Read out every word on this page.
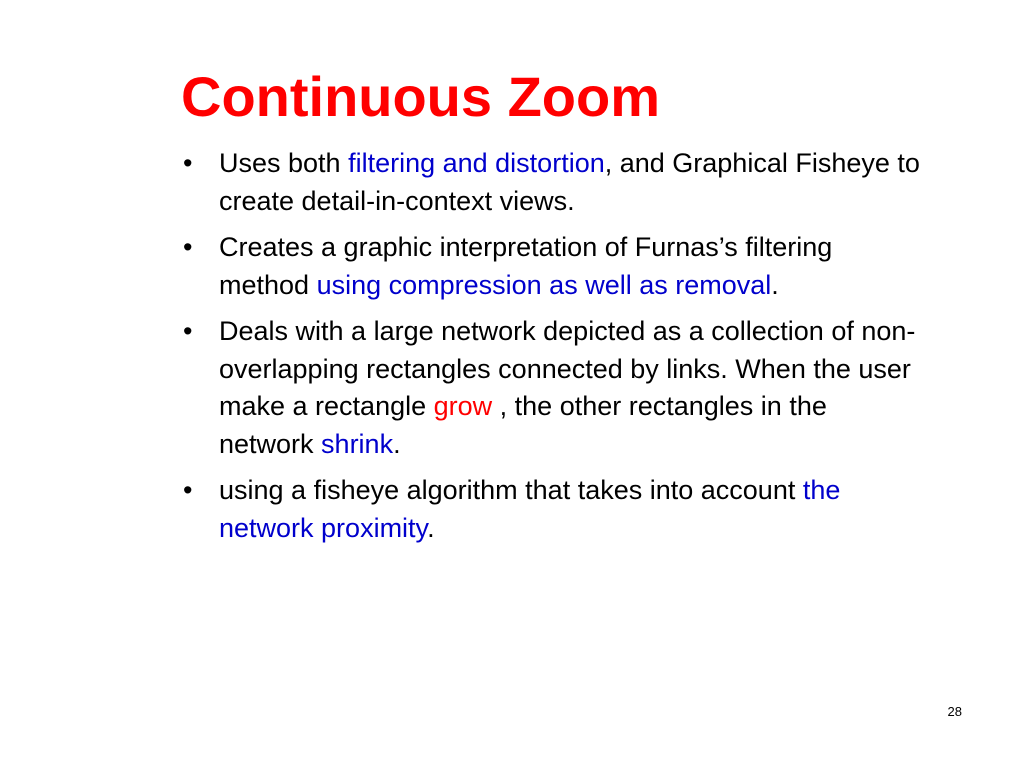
Continuous Zoom
• Uses both filtering and distortion, and Graphical Fisheye to create detail-in-context views.
• Creates a graphic interpretation of Furnas’s filtering method using compression as well as removal.
• Deals with a large network depicted as a collection of non-overlapping rectangles connected by links. When the user make a rectangle grow , the other rectangles in the network shrink.
• using a fisheye algorithm that takes into account the network proximity.
28
